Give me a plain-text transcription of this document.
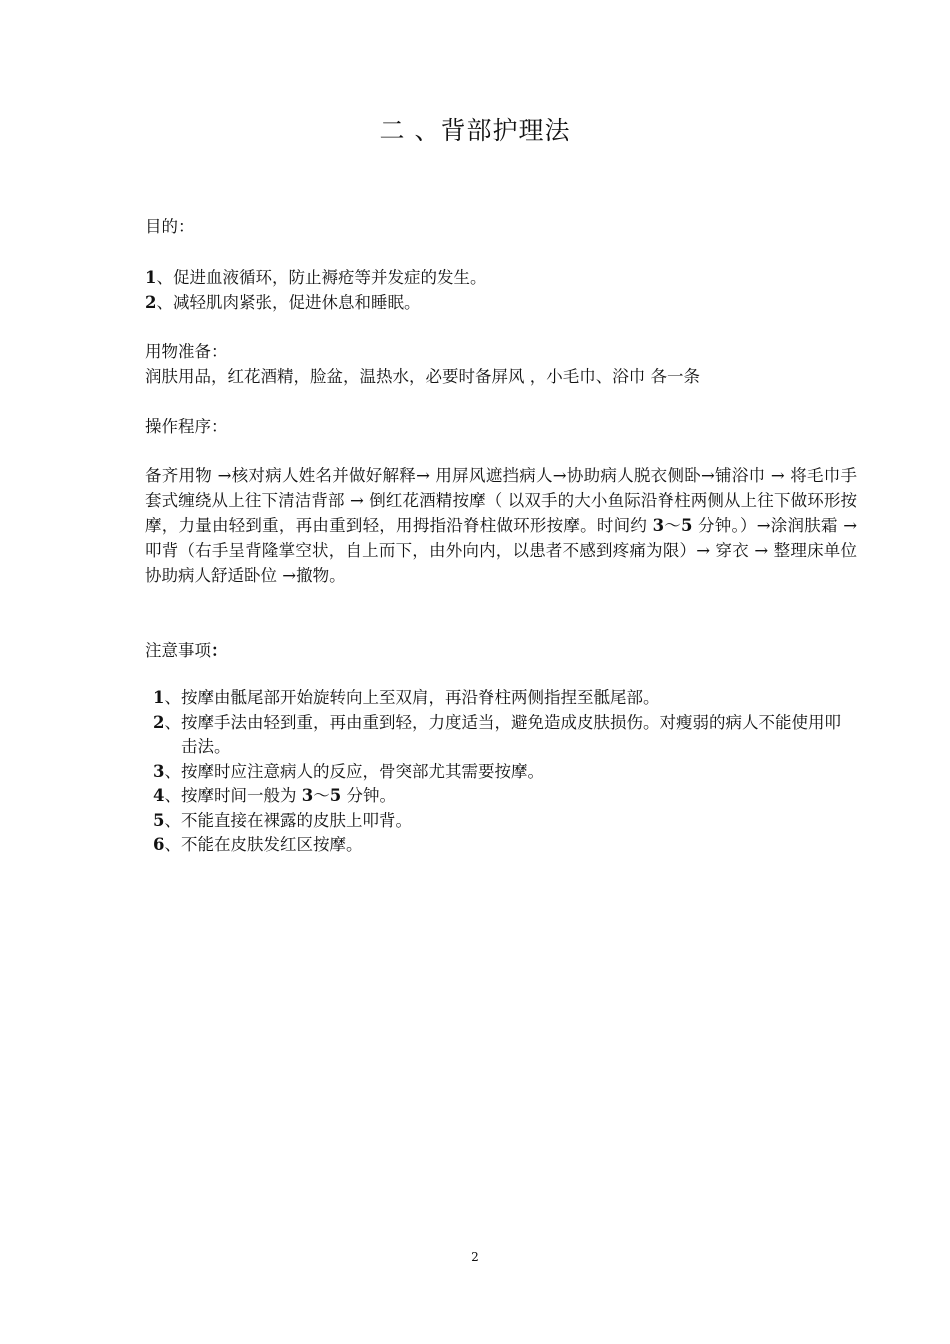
二 、背部护理法

目的：

1、促进血液循环，防止褥疮等并发症的发生。

2、减轻肌肉紧张，促进休息和睡眠。

用物准备：

润肤用品，红花酒精，脸盆，温热水，必要时备屏风 ，小毛巾、浴巾 各一条

操作程序：

备齐用物 →核对病人姓名并做好解释→ 用屏风遮挡病人→协助病人脱衣侧卧→铺浴巾 → 将毛巾手套式缠绕从上往下清洁背部 → 倒红花酒精按摩（ 以双手的大小鱼际沿脊柱两侧从上往下做环形按摩，力量由轻到重，再由重到轻，用拇指沿脊柱做环形按摩。时间约 3～5 分钟。）→涂润肤霜 → 叩背（右手呈背隆掌空状，自上而下，由外向内，以患者不感到疼痛为限）→ 穿衣 → 整理床单位协助病人舒适卧位 →撤物。

注意事项：

1 、 按摩由骶尾部开始旋转向上至双肩，再沿脊柱两侧指捏至骶尾部。
2 、 按摩手法由轻到重，再由重到轻，力度适当，避免造成皮肤损伤。对瘦弱的病人不能使用叩击法。
3 、 按摩时应注意病人的反应，骨突部尤其需要按摩。
4 、 按摩时间一般为 3～5 分钟。
5 、 不能直接在裸露的皮肤上叩背。
6 、 不能在皮肤发红区按摩。
2
